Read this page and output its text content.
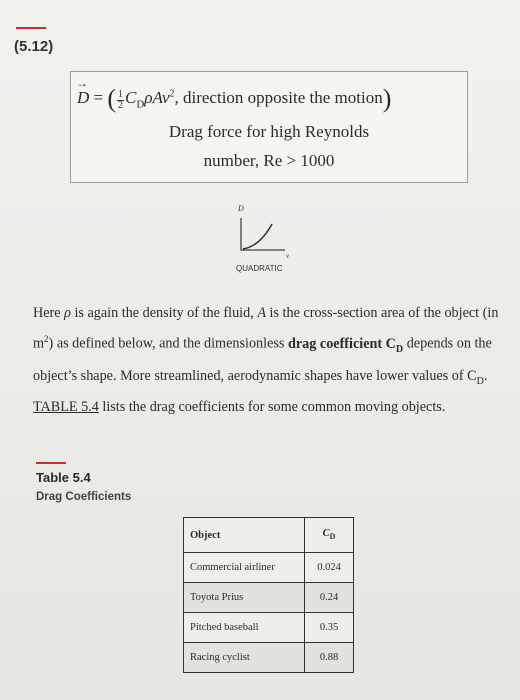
(5.12)
→ D = ( $\frac{1}{2} C_D\rho Av^2$, direction opposite the motion)
Drag force for high Reynolds
number, Re > 1000
D
v
QUADRATIC
Here ρ is again the density of the fluid, A is the cross-section area of the object (in $m^2$) as defined below, and the dimensionless drag coefficient $C_D$ depends on the object’s shape. More streamlined, aerodynamic shapes have lower values of $C_D$. TABLE 5.4 lists the drag coefficients for some common moving objects.
Table 5.4
Drag Coefficients
Object	$C_D$
Commercial airliner	0.024
Toyota Prius	0.24
Pitched baseball	0.35
Racing cyclist	0.88
